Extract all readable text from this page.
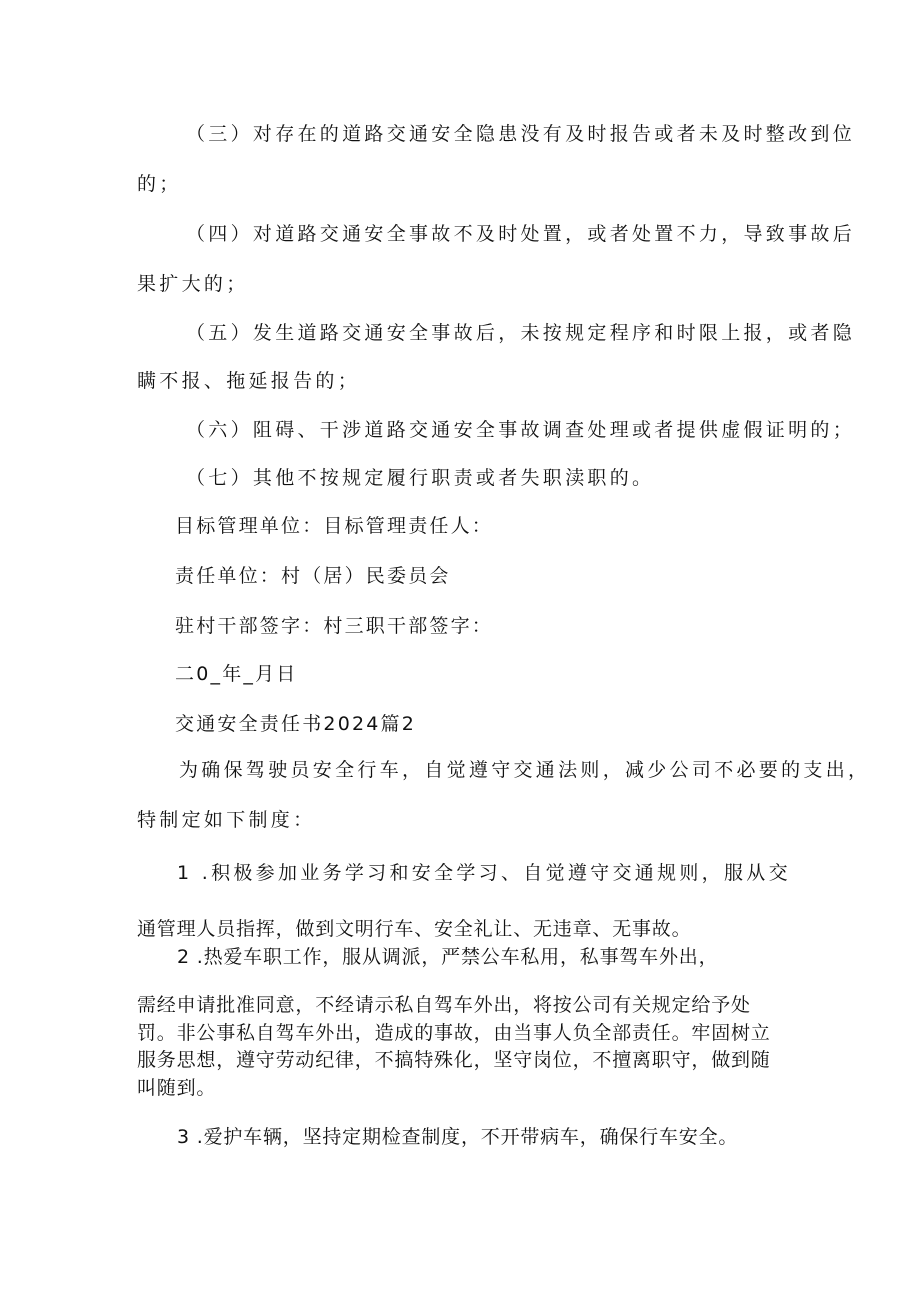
（三）对存在的道路交通安全隐患没有及时报告或者未及时整改到位
的；
（四）对道路交通安全事故不及时处置，或者处置不力，导致事故后
果扩大的；
（五）发生道路交通安全事故后，未按规定程序和时限上报，或者隐
瞒不报、拖延报告的；
（六）阻碍、干涉道路交通安全事故调查处理或者提供虚假证明的；
（七）其他不按规定履行职责或者失职渎职的。
目标管理单位：目标管理责任人：
责任单位：村（居）民委员会
驻村干部签字：村三职干部签字：
二0_年_月日
交通安全责任书2024篇2
为确保驾驶员安全行车，自觉遵守交通法则，减少公司不必要的支出，
特制定如下制度：
1 .积极参加业务学习和安全学习、自觉遵守交通规则，服从交
通管理人员指挥，做到文明行车、安全礼让、无违章、无事故。
2 .热爱车职工作，服从调派，严禁公车私用，私事驾车外出，
需经申请批准同意，不经请示私自驾车外出，将按公司有关规定给予处
罚。非公事私自驾车外出，造成的事故，由当事人负全部责任。牢固树立
服务思想，遵守劳动纪律，不搞特殊化，坚守岗位，不擅离职守，做到随
叫随到。
3 .爱护车辆，坚持定期检查制度，不开带病车，确保行车安全。
